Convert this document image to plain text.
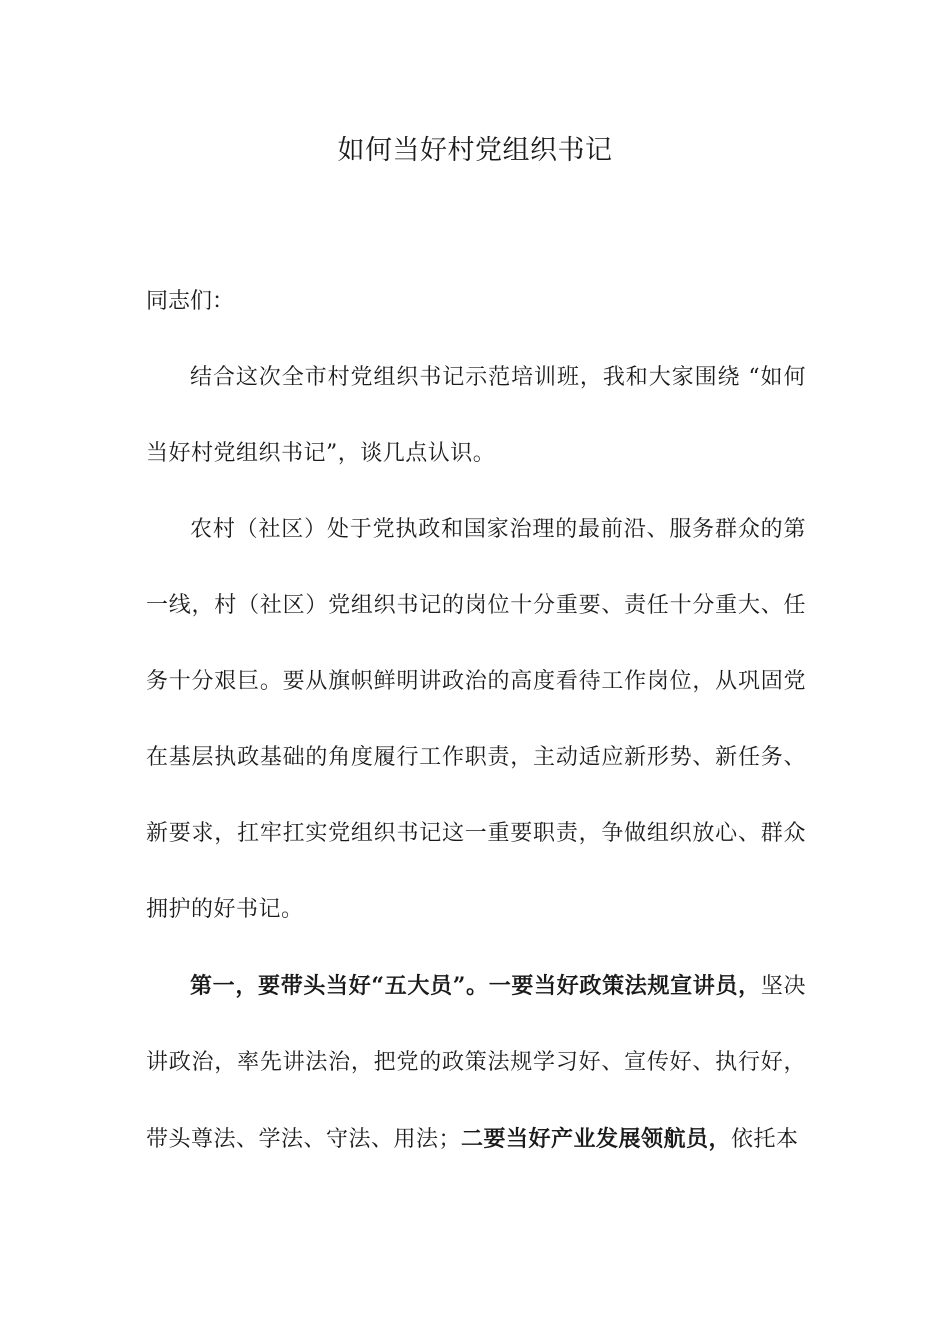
如何当好村党组织书记

同志们：

结合这次全市村党组织书记示范培训班，我和大家围绕 “如何当好村党组织书记”，谈几点认识。

农村（社区）处于党执政和国家治理的最前沿、服务群众的第一线，村（社区）党组织书记的岗位十分重要、责任十分重大、任务十分艰巨。要从旗帜鲜明讲政治的高度看待工作岗位，从巩固党在基层执政基础的角度履行工作职责，主动适应新形势、新任务、新要求，扛牢扛实党组织书记这一重要职责，争做组织放心、群众拥护的好书记。

第一，要带头当好“五大员”。一要当好政策法规宣讲员，坚决讲政治，率先讲法治，把党的政策法规学习好、宣传好、执行好，带头尊法、学法、守法、用法；二要当好产业发展领航员，依托本
